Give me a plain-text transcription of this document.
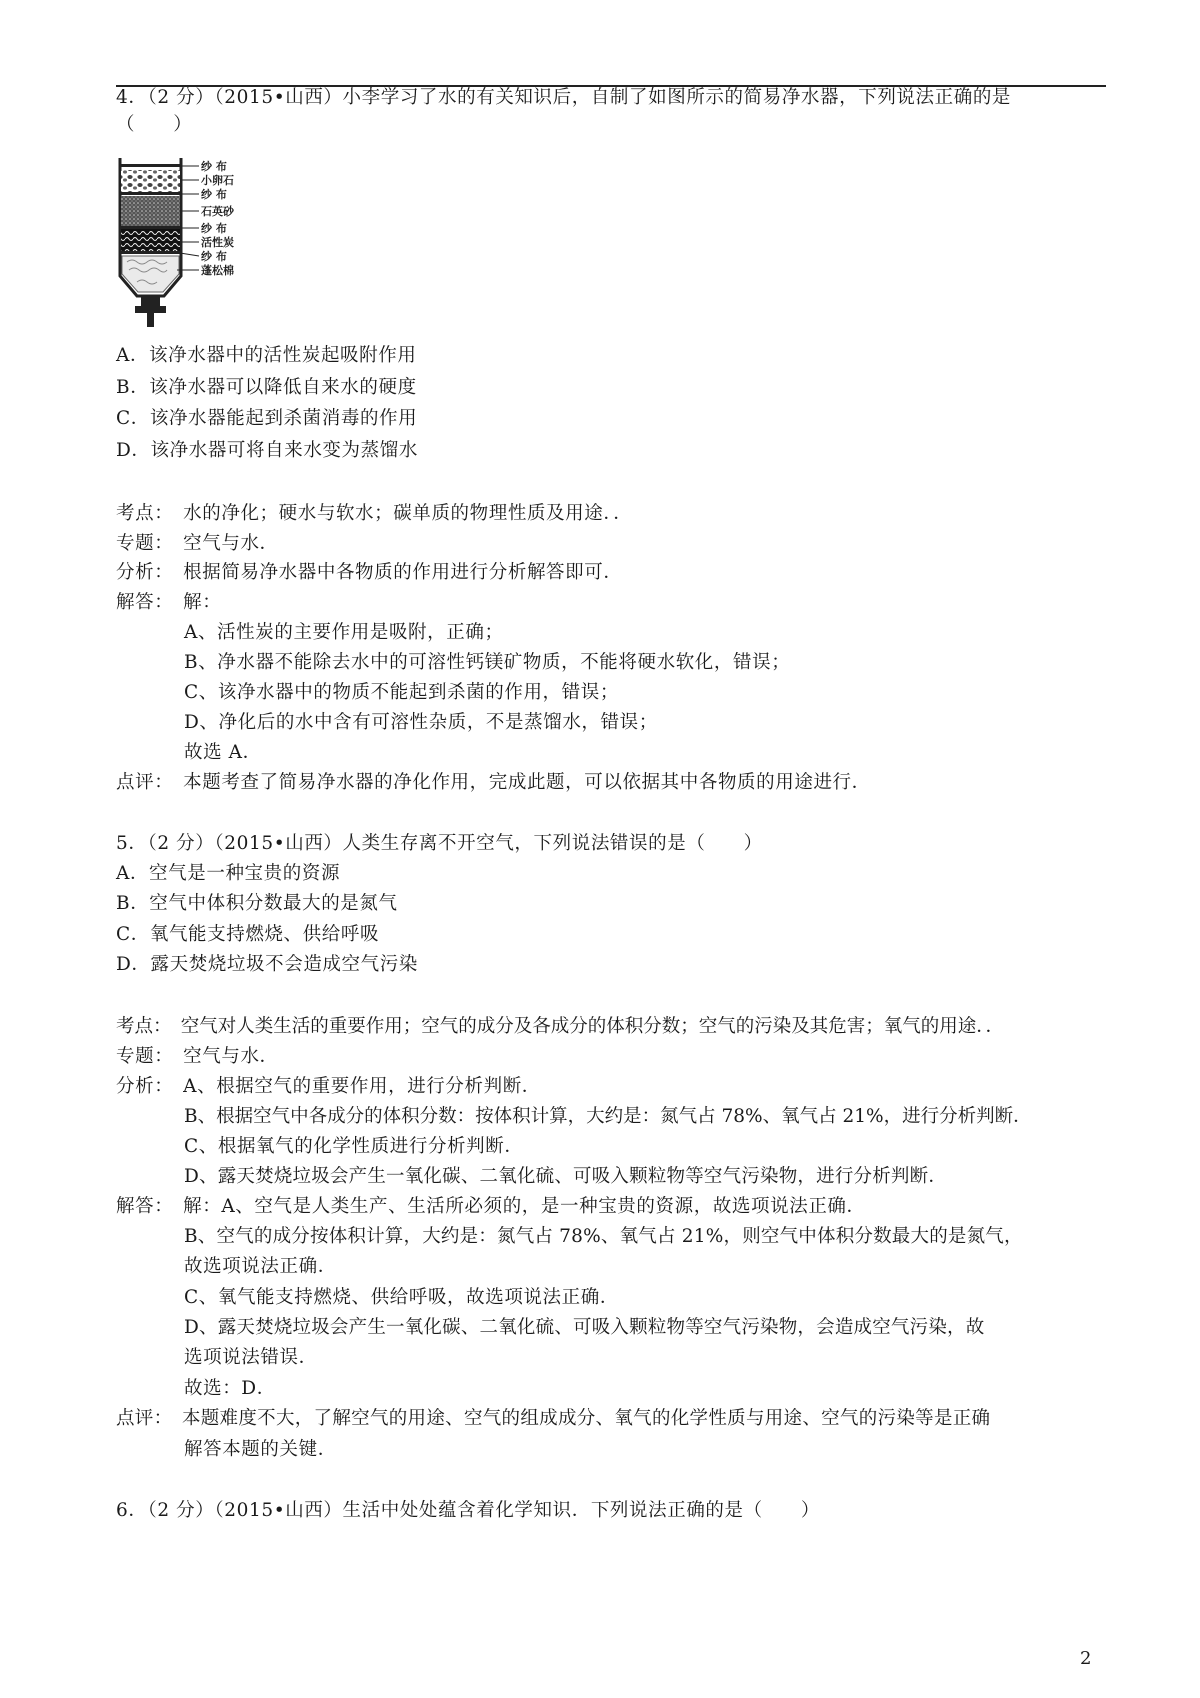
4．（2 分）（2015•山西）小李学习了水的有关知识后，自制了如图所示的简易净水器，下列说法正确的是
（　　）
纱 布
小卵石
纱 布
石英砂
纱 布
活性炭
纱 布
蓬松棉
A．该净水器中的活性炭起吸附作用
B．该净水器可以降低自来水的硬度
C．该净水器能起到杀菌消毒的作用
D．该净水器可将自来水变为蒸馏水
考点：　水的净化；硬水与软水；碳单质的物理性质及用途．．
专题：　空气与水．
分析：　根据简易净水器中各物质的作用进行分析解答即可．
解答：　解：
A、活性炭的主要作用是吸附，正确；
B、净水器不能除去水中的可溶性钙镁矿物质，不能将硬水软化，错误；
C、该净水器中的物质不能起到杀菌的作用，错误；
D、净化后的水中含有可溶性杂质，不是蒸馏水，错误；
故选 A．
点评：　本题考查了简易净水器的净化作用，完成此题，可以依据其中各物质的用途进行．
5．（2 分）（2015•山西）人类生存离不开空气，下列说法错误的是（　　）
A．空气是一种宝贵的资源
B．空气中体积分数最大的是氮气
C．氧气能支持燃烧、供给呼吸
D．露天焚烧垃圾不会造成空气污染
考点：　空气对人类生活的重要作用；空气的成分及各成分的体积分数；空气的污染及其危害；氧气的用途．．
专题：　空气与水．
分析：　A、根据空气的重要作用，进行分析判断．
B、根据空气中各成分的体积分数：按体积计算，大约是：氮气占 78%、氧气占 21%，进行分析判断．
C、根据氧气的化学性质进行分析判断．
D、露天焚烧垃圾会产生一氧化碳、二氧化硫、可吸入颗粒物等空气污染物，进行分析判断．
解答：　解：A、空气是人类生产、生活所必须的，是一种宝贵的资源，故选项说法正确．
B、空气的成分按体积计算，大约是：氮气占 78%、氧气占 21%，则空气中体积分数最大的是氮气，
故选项说法正确．
C、氧气能支持燃烧、供给呼吸，故选项说法正确．
D、露天焚烧垃圾会产生一氧化碳、二氧化硫、可吸入颗粒物等空气污染物，会造成空气污染，故
选项说法错误．
故选：D．
点评：　本题难度不大，了解空气的用途、空气的组成成分、氧气的化学性质与用途、空气的污染等是正确
解答本题的关键．
6．（2 分）（2015•山西）生活中处处蕴含着化学知识．下列说法正确的是（　　）
2
